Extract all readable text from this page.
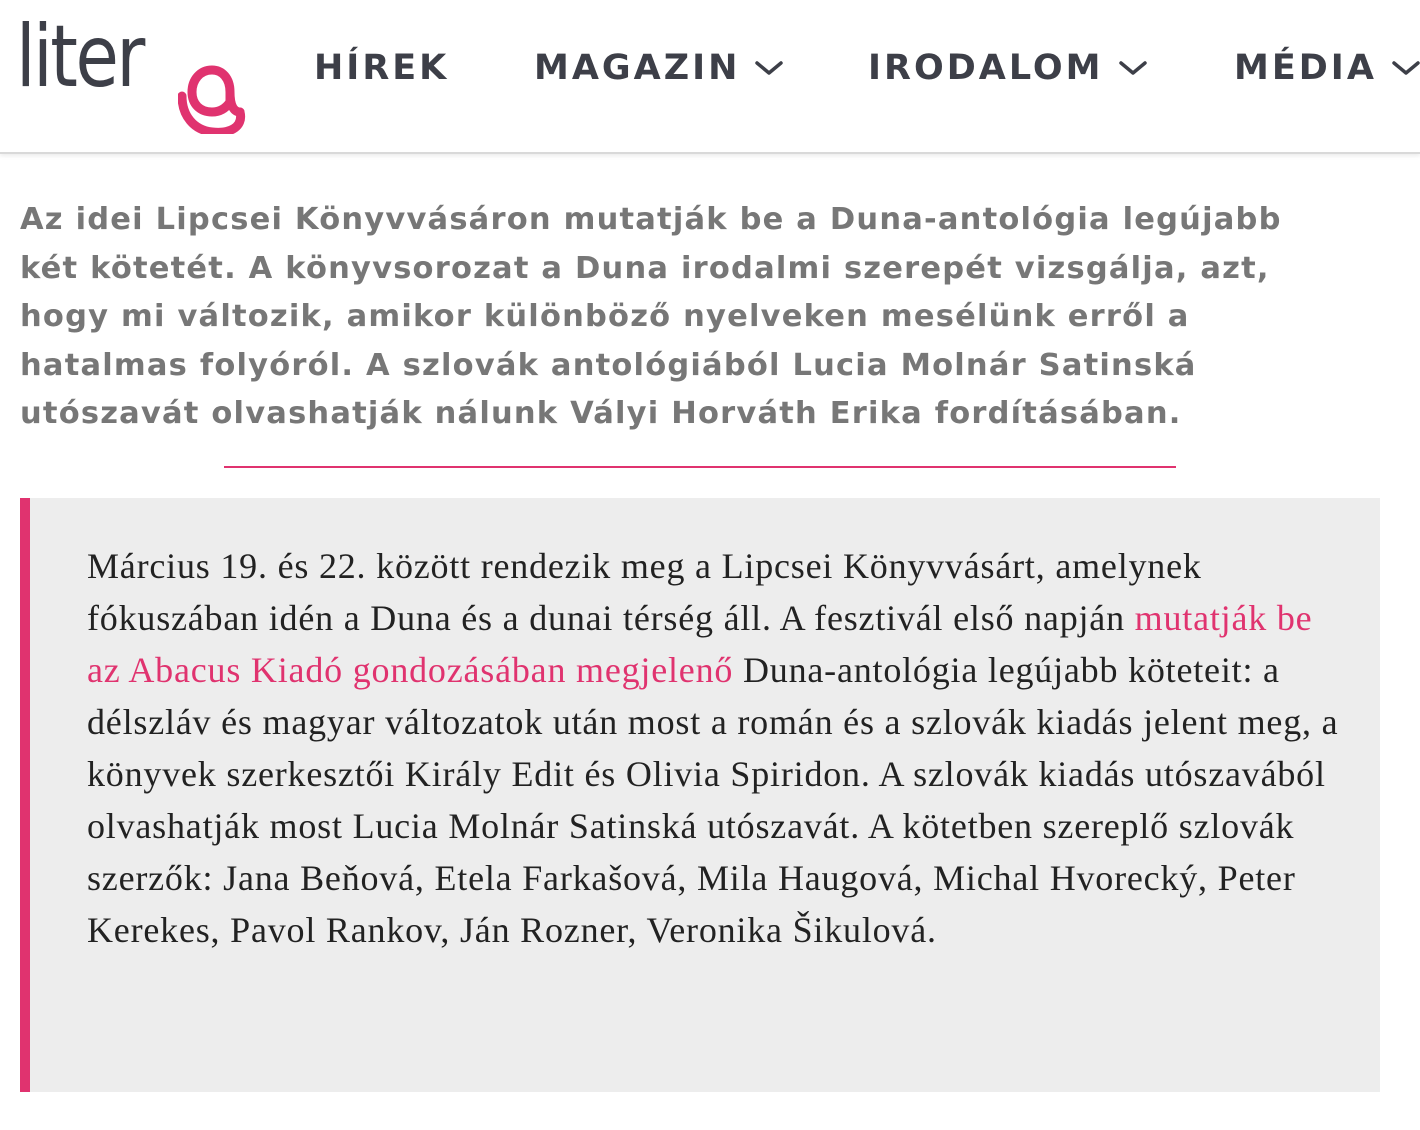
liter	HÍREK MAGAZIN	IRODALOM	MÉDIA

Az idei Lipcsei Könyvvásáron mutatják be a Duna-antológia legújabb két kötetét. A könyvsorozat a Duna irodalmi szerepét vizsgálja, azt, hogy mi változik, amikor különböző nyelveken mesélünk erről a hatalmas folyóról. A szlovák antológiából Lucia Molnár Satinská utószavát olvashatják nálunk Vályi Horváth Erika fordításában.

Március 19. és 22. között rendezik meg a Lipcsei Könyvvásárt, amelynek fókuszában idén a Duna és a dunai térség áll. A fesztivál első napján mutatják be az Abacus Kiadó gondozásában megjelenő Duna-antológia legújabb köteteit: a délszláv és magyar változatok után most a román és a szlovák kiadás jelent meg, a könyvek szerkesztői Király Edit és Olivia Spiridon. A szlovák kiadás utószavából olvashatják most Lucia Molnár Satinská utószavát. A kötetben szereplő szlovák szerzők: Jana Beňová, Etela Farkašová, Mila Haugová, Michal Hvorecký, Peter Kerekes, Pavol Rankov, Ján Rozner, Veronika Šikulová.
